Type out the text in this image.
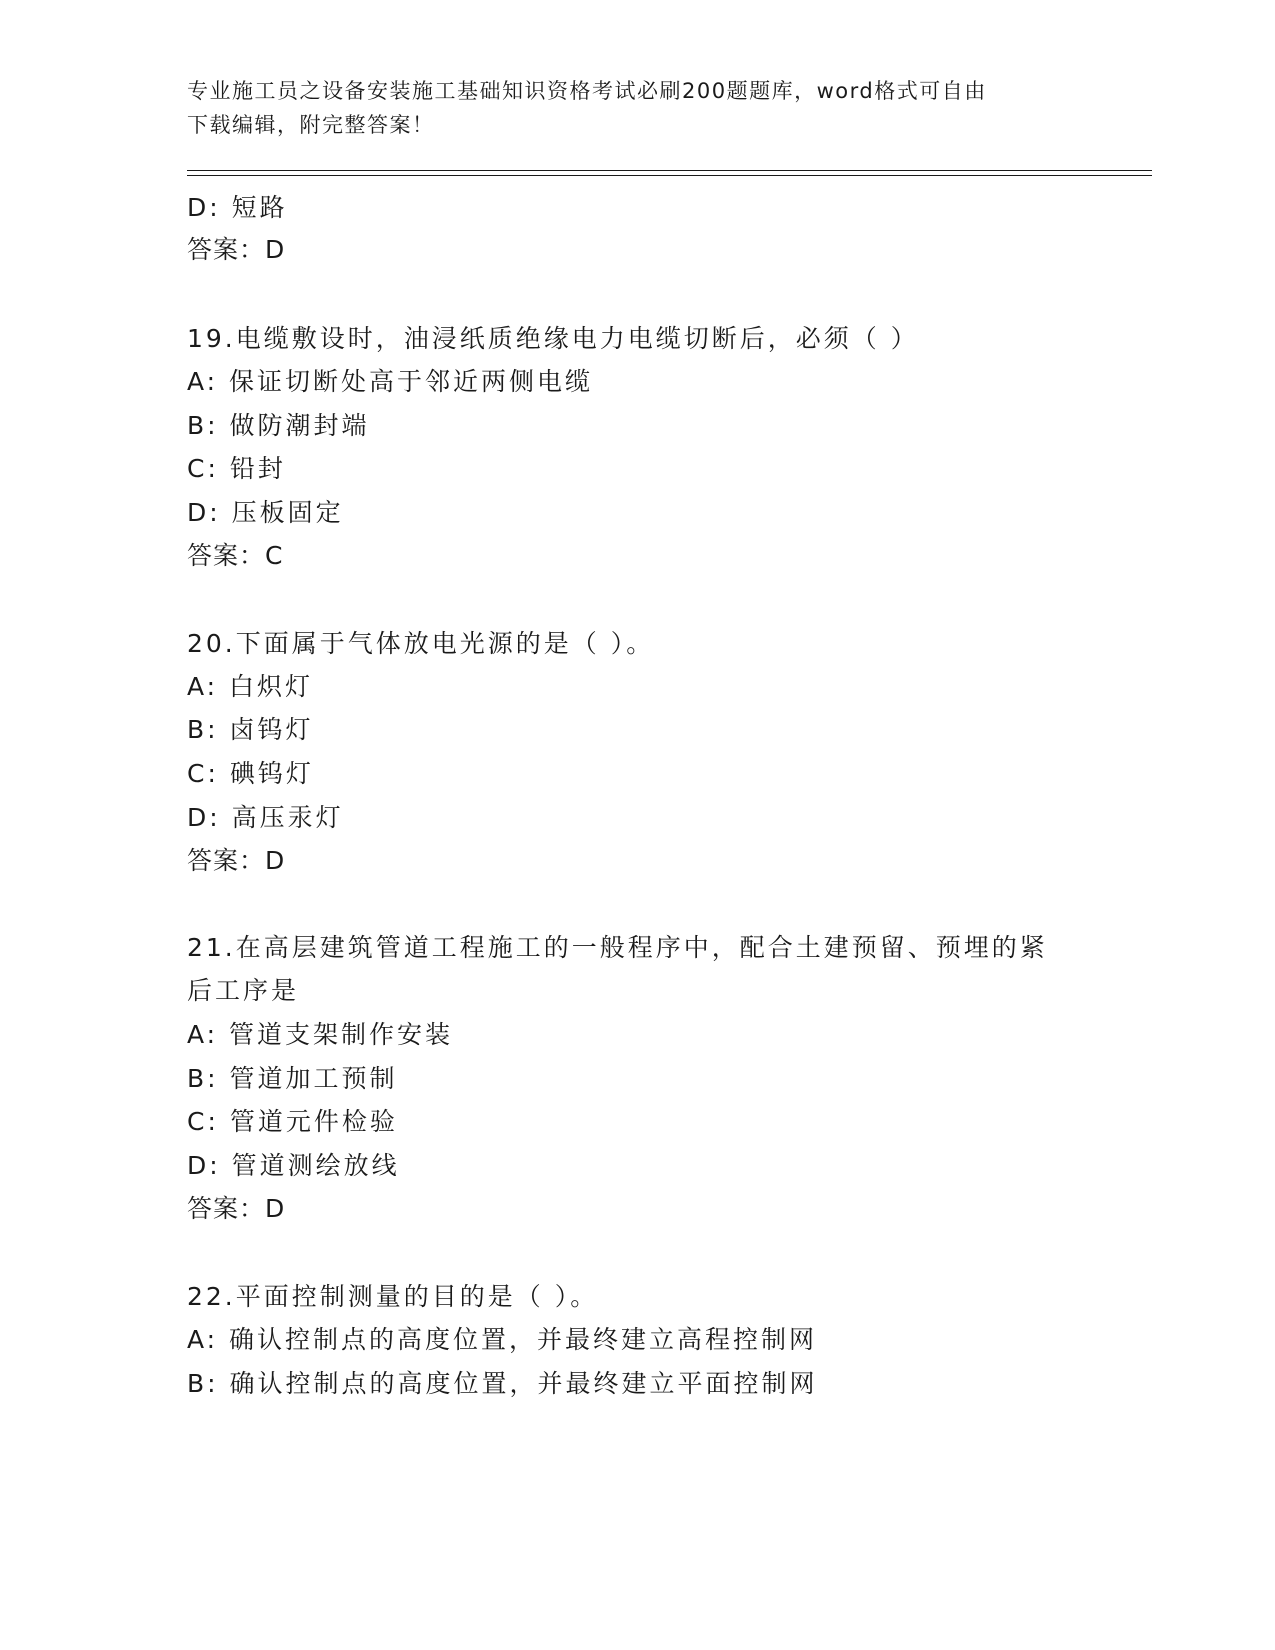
专业施工员之设备安装施工基础知识资格考试必刷200题题库，word格式可自由
下载编辑，附完整答案！
D: 短路
答案：D
19.电缆敷设时，油浸纸质绝缘电力电缆切断后，必须（ ）
A: 保证切断处高于邻近两侧电缆
B: 做防潮封端
C: 铅封
D: 压板固定
答案：C
20.下面属于气体放电光源的是（ ）。
A: 白炽灯
B: 卤钨灯
C: 碘钨灯
D: 高压汞灯
答案：D
21.在高层建筑管道工程施工的一般程序中，配合土建预留、预埋的紧
后工序是
A: 管道支架制作安装
B: 管道加工预制
C: 管道元件检验
D: 管道测绘放线
答案：D
22.平面控制测量的目的是（ ）。
A: 确认控制点的高度位置，并最终建立高程控制网
B: 确认控制点的高度位置，并最终建立平面控制网
